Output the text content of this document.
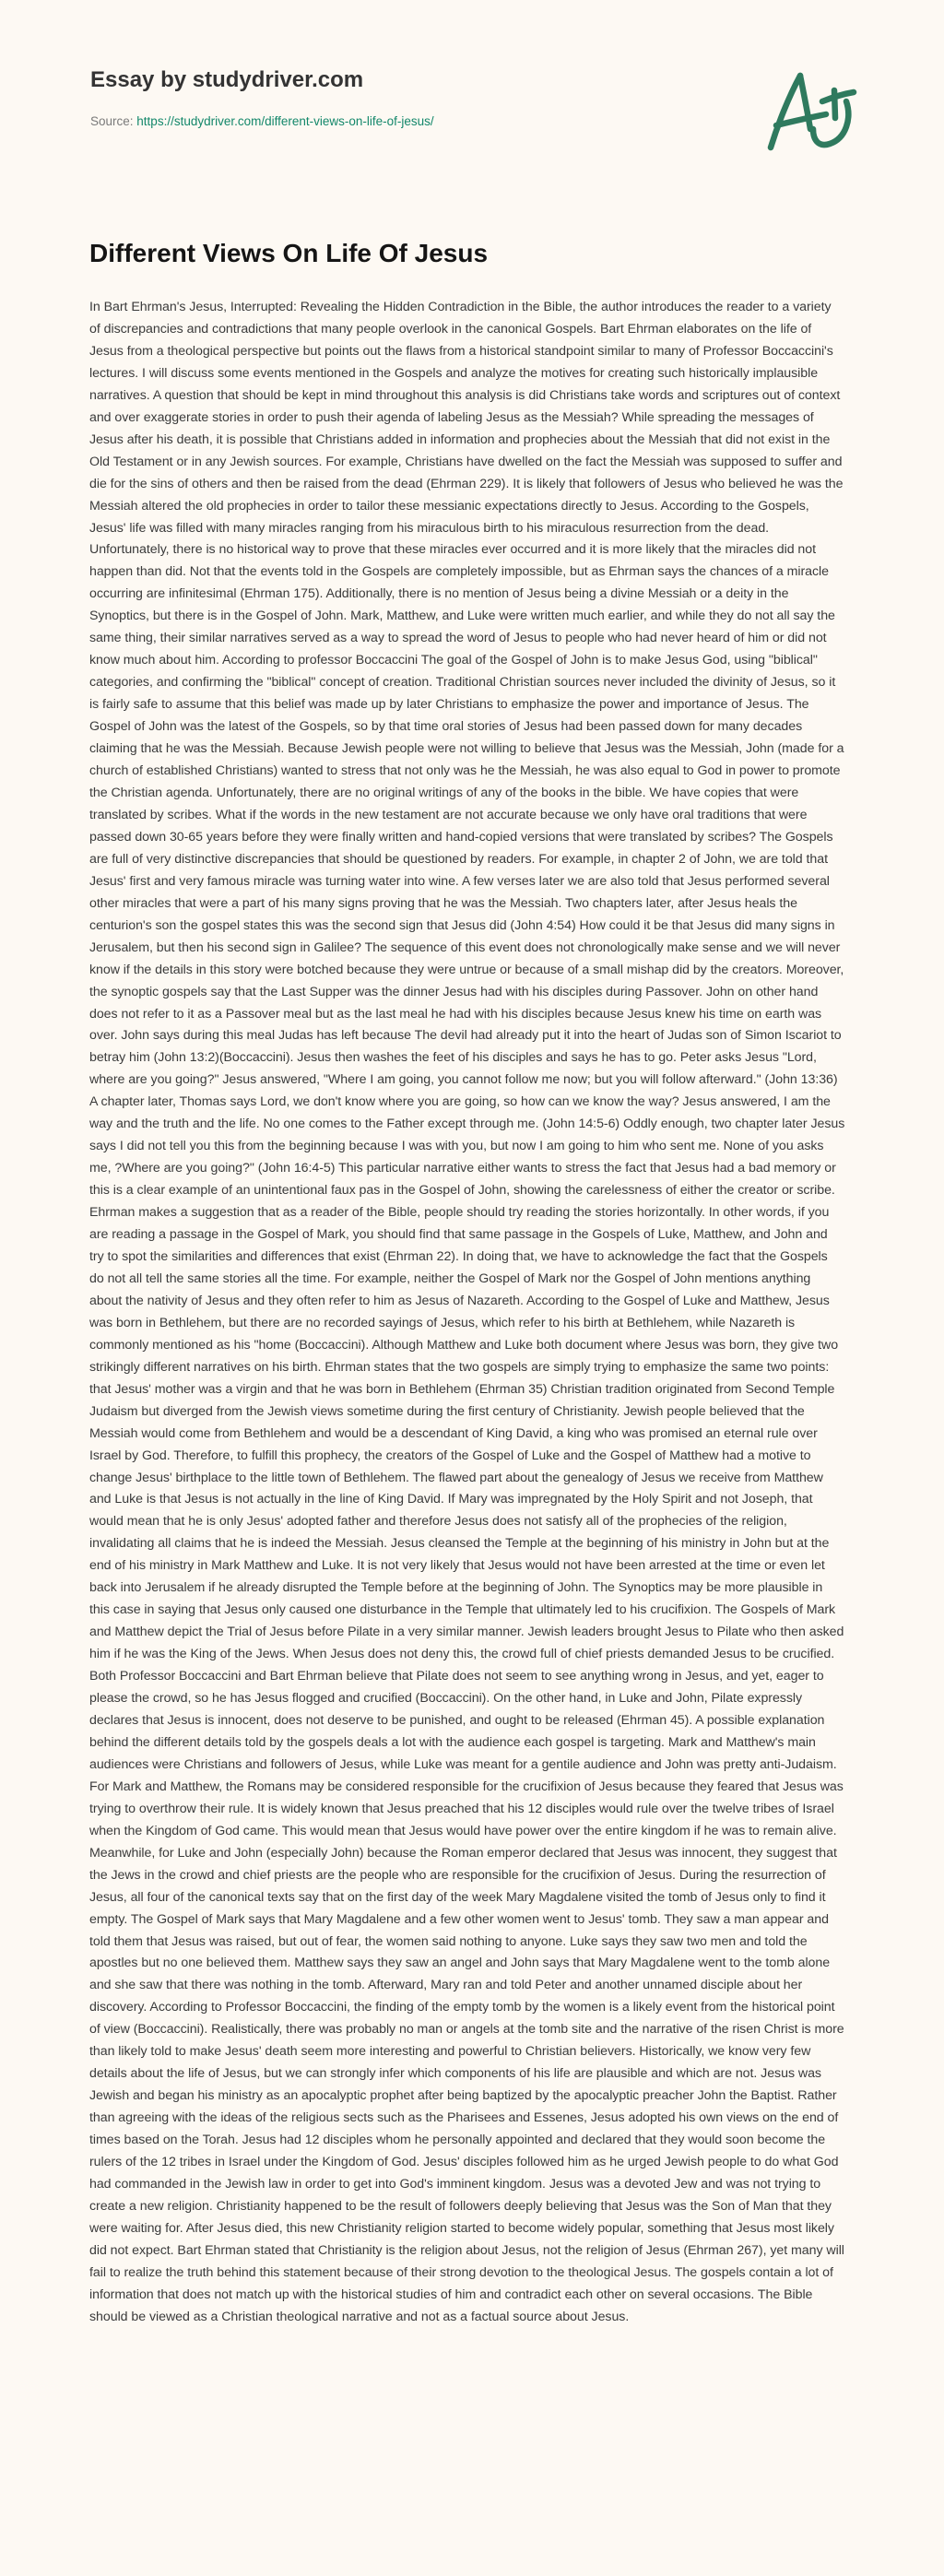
Essay by studydriver.com
Source: https://studydriver.com/different-views-on-life-of-jesus/
Different Views On Life Of Jesus

In Bart Ehrman's Jesus, Interrupted: Revealing the Hidden Contradiction in the Bible, the author introduces the reader to a variety of discrepancies and contradictions that many people overlook in the canonical Gospels. Bart Ehrman elaborates on the life of Jesus from a theological perspective but points out the flaws from a historical standpoint similar to many of Professor Boccaccini's lectures. I will discuss some events mentioned in the Gospels and analyze the motives for creating such historically implausible narratives. A question that should be kept in mind throughout this analysis is did Christians take words and scriptures out of context and over exaggerate stories in order to push their agenda of labeling Jesus as the Messiah? While spreading the messages of Jesus after his death, it is possible that Christians added in information and prophecies about the Messiah that did not exist in the Old Testament or in any Jewish sources. For example, Christians have dwelled on the fact the Messiah was supposed to suffer and die for the sins of others and then be raised from the dead (Ehrman 229). It is likely that followers of Jesus who believed he was the Messiah altered the old prophecies in order to tailor these messianic expectations directly to Jesus. According to the Gospels, Jesus' life was filled with many miracles ranging from his miraculous birth to his miraculous resurrection from the dead. Unfortunately, there is no historical way to prove that these miracles ever occurred and it is more likely that the miracles did not happen than did. Not that the events told in the Gospels are completely impossible, but as Ehrman says the chances of a miracle occurring are infinitesimal (Ehrman 175). Additionally, there is no mention of Jesus being a divine Messiah or a deity in the Synoptics, but there is in the Gospel of John. Mark, Matthew, and Luke were written much earlier, and while they do not all say the same thing, their similar narratives served as a way to spread the word of Jesus to people who had never heard of him or did not know much about him. According to professor Boccaccini The goal of the Gospel of John is to make Jesus God, using "biblical" categories, and confirming the "biblical" concept of creation. Traditional Christian sources never included the divinity of Jesus, so it is fairly safe to assume that this belief was made up by later Christians to emphasize the power and importance of Jesus. The Gospel of John was the latest of the Gospels, so by that time oral stories of Jesus had been passed down for many decades claiming that he was the Messiah. Because Jewish people were not willing to believe that Jesus was the Messiah, John (made for a church of established Christians) wanted to stress that not only was he the Messiah, he was also equal to God in power to promote the Christian agenda. Unfortunately, there are no original writings of any of the books in the bible. We have copies that were translated by scribes. What if the words in the new testament are not accurate because we only have oral traditions that were passed down 30-65 years before they were finally written and hand-copied versions that were translated by scribes? The Gospels are full of very distinctive discrepancies that should be questioned by readers. For example, in chapter 2 of John, we are told that Jesus' first and very famous miracle was turning water into wine. A few verses later we are also told that Jesus performed several other miracles that were a part of his many signs proving that he was the Messiah. Two chapters later, after Jesus heals the centurion's son the gospel states this was the second sign that Jesus did (John 4:54) How could it be that Jesus did many signs in Jerusalem, but then his second sign in Galilee? The sequence of this event does not chronologically make sense and we will never know if the details in this story were botched because they were untrue or because of a small mishap did by the creators. Moreover, the synoptic gospels say that the Last Supper was the dinner Jesus had with his disciples during Passover. John on other hand does not refer to it as a Passover meal but as the last meal he had with his disciples because Jesus knew his time on earth was over. John says during this meal Judas has left because The devil had already put it into the heart of Judas son of Simon Iscariot to betray him (John 13:2)(Boccaccini). Jesus then washes the feet of his disciples and says he has to go. Peter asks Jesus "Lord, where are you going?" Jesus answered, "Where I am going, you cannot follow me now; but you will follow afterward." (John 13:36) A chapter later, Thomas says Lord, we don't know where you are going, so how can we know the way? Jesus answered, I am the way and the truth and the life. No one comes to the Father except through me. (John 14:5-6) Oddly enough, two chapter later Jesus says I did not tell you this from the beginning because I was with you, but now I am going to him who sent me. None of you asks me, ?Where are you going?" (John 16:4-5) This particular narrative either wants to stress the fact that Jesus had a bad memory or this is a clear example of an unintentional faux pas in the Gospel of John, showing the carelessness of either the creator or scribe. Ehrman makes a suggestion that as a reader of the Bible, people should try reading the stories horizontally. In other words, if you are reading a passage in the Gospel of Mark, you should find that same passage in the Gospels of Luke, Matthew, and John and try to spot the similarities and differences that exist (Ehrman 22). In doing that, we have to acknowledge the fact that the Gospels do not all tell the same stories all the time. For example, neither the Gospel of Mark nor the Gospel of John mentions anything about the nativity of Jesus and they often refer to him as Jesus of Nazareth. According to the Gospel of Luke and Matthew, Jesus was born in Bethlehem, but there are no recorded sayings of Jesus, which refer to his birth at Bethlehem, while Nazareth is commonly mentioned as his "home (Boccaccini). Although Matthew and Luke both document where Jesus was born, they give two strikingly different narratives on his birth. Ehrman states that the two gospels are simply trying to emphasize the same two points: that Jesus' mother was a virgin and that he was born in Bethlehem (Ehrman 35) Christian tradition originated from Second Temple Judaism but diverged from the Jewish views sometime during the first century of Christianity. Jewish people believed that the Messiah would come from Bethlehem and would be a descendant of King David, a king who was promised an eternal rule over Israel by God. Therefore, to fulfill this prophecy, the creators of the Gospel of Luke and the Gospel of Matthew had a motive to change Jesus' birthplace to the little town of Bethlehem. The flawed part about the genealogy of Jesus we receive from Matthew and Luke is that Jesus is not actually in the line of King David. If Mary was impregnated by the Holy Spirit and not Joseph, that would mean that he is only Jesus' adopted father and therefore Jesus does not satisfy all of the prophecies of the religion, invalidating all claims that he is indeed the Messiah. Jesus cleansed the Temple at the beginning of his ministry in John but at the end of his ministry in Mark Matthew and Luke. It is not very likely that Jesus would not have been arrested at the time or even let back into Jerusalem if he already disrupted the Temple before at the beginning of John. The Synoptics may be more plausible in this case in saying that Jesus only caused one disturbance in the Temple that ultimately led to his crucifixion. The Gospels of Mark and Matthew depict the Trial of Jesus before Pilate in a very similar manner. Jewish leaders brought Jesus to Pilate who then asked him if he was the King of the Jews. When Jesus does not deny this, the crowd full of chief priests demanded Jesus to be crucified. Both Professor Boccaccini and Bart Ehrman believe that Pilate does not seem to see anything wrong in Jesus, and yet, eager to please the crowd, so he has Jesus flogged and crucified (Boccaccini). On the other hand, in Luke and John, Pilate expressly declares that Jesus is innocent, does not deserve to be punished, and ought to be released (Ehrman 45). A possible explanation behind the different details told by the gospels deals a lot with the audience each gospel is targeting. Mark and Matthew's main audiences were Christians and followers of Jesus, while Luke was meant for a gentile audience and John was pretty anti-Judaism. For Mark and Matthew, the Romans may be considered responsible for the crucifixion of Jesus because they feared that Jesus was trying to overthrow their rule. It is widely known that Jesus preached that his 12 disciples would rule over the twelve tribes of Israel when the Kingdom of God came. This would mean that Jesus would have power over the entire kingdom if he was to remain alive. Meanwhile, for Luke and John (especially John) because the Roman emperor declared that Jesus was innocent, they suggest that the Jews in the crowd and chief priests are the people who are responsible for the crucifixion of Jesus. During the resurrection of Jesus, all four of the canonical texts say that on the first day of the week Mary Magdalene visited the tomb of Jesus only to find it empty. The Gospel of Mark says that Mary Magdalene and a few other women went to Jesus' tomb. They saw a man appear and told them that Jesus was raised, but out of fear, the women said nothing to anyone. Luke says they saw two men and told the apostles but no one believed them. Matthew says they saw an angel and John says that Mary Magdalene went to the tomb alone and she saw that there was nothing in the tomb. Afterward, Mary ran and told Peter and another unnamed disciple about her discovery. According to Professor Boccaccini, the finding of the empty tomb by the women is a likely event from the historical point of view (Boccaccini). Realistically, there was probably no man or angels at the tomb site and the narrative of the risen Christ is more than likely told to make Jesus' death seem more interesting and powerful to Christian believers. Historically, we know very few details about the life of Jesus, but we can strongly infer which components of his life are plausible and which are not. Jesus was Jewish and began his ministry as an apocalyptic prophet after being baptized by the apocalyptic preacher John the Baptist. Rather than agreeing with the ideas of the religious sects such as the Pharisees and Essenes, Jesus adopted his own views on the end of times based on the Torah. Jesus had 12 disciples whom he personally appointed and declared that they would soon become the rulers of the 12 tribes in Israel under the Kingdom of God. Jesus' disciples followed him as he urged Jewish people to do what God had commanded in the Jewish law in order to get into God's imminent kingdom. Jesus was a devoted Jew and was not trying to create a new religion. Christianity happened to be the result of followers deeply believing that Jesus was the Son of Man that they were waiting for. After Jesus died, this new Christianity religion started to become widely popular, something that Jesus most likely did not expect. Bart Ehrman stated that Christianity is the religion about Jesus, not the religion of Jesus (Ehrman 267), yet many will fail to realize the truth behind this statement because of their strong devotion to the theological Jesus. The gospels contain a lot of information that does not match up with the historical studies of him and contradict each other on several occasions. The Bible should be viewed as a Christian theological narrative and not as a factual source about Jesus.
